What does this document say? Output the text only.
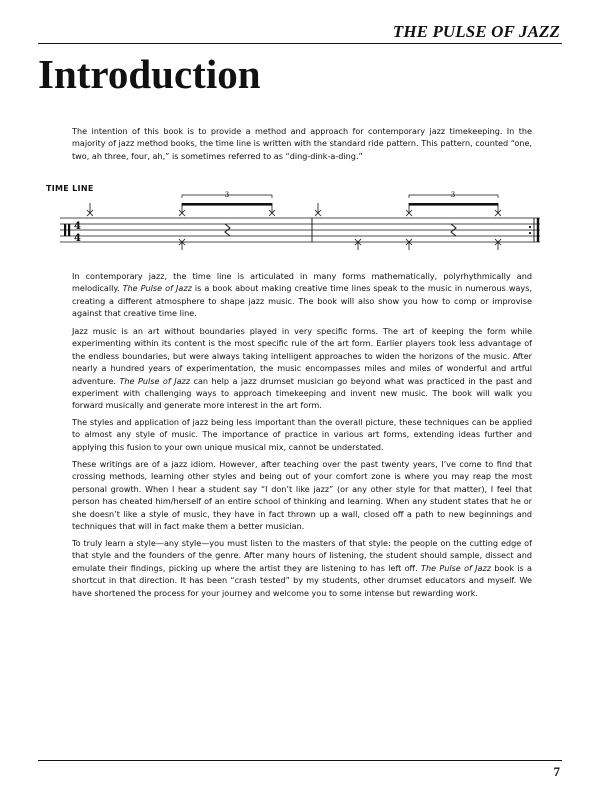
THE PULSE OF JAZZ
Introduction

The intention of this book is to provide a method and approach for contemporary jazz timekeeping. In the majority of jazz method books, the time line is written with the standard ride pattern. This pattern, counted “one, two, ah three, four, ah,” is sometimes referred to as “ding-dink-a-ding.”

TIME LINE
4
4
3	3

In contemporary jazz, the time line is articulated in many forms mathematically, polyrhythmically and melodically. The Pulse of Jazz is a book about making creative time lines speak to the music in numerous ways, creating a different atmosphere to shape jazz music. The book will also show you how to comp or improvise against that creative time line.

Jazz music is an art without boundaries played in very specific forms. The art of keeping the form while experimenting within its content is the most specific rule of the art form. Earlier players took less advantage of the endless boundaries, but were always taking intelligent approaches to widen the horizons of the music. After nearly a hundred years of experimentation, the music encompasses miles and miles of wonderful and artful adventure. The Pulse of Jazz can help a jazz drumset musician go beyond what was practiced in the past and experiment with challenging ways to approach timekeeping and invent new music. The book will walk you forward musically and generate more interest in the art form.

The styles and application of jazz being less important than the overall picture, these techniques can be applied to almost any style of music. The importance of practice in various art forms, extending ideas further and applying this fusion to your own unique musical mix, cannot be understated.

These writings are of a jazz idiom. However, after teaching over the past twenty years, I’ve come to find that crossing methods, learning other styles and being out of your comfort zone is where you may reap the most personal growth. When I hear a student say “I don’t like jazz” (or any other style for that matter), I feel that person has cheated him/herself of an entire school of thinking and learning. When any student states that he or she doesn’t like a style of music, they have in fact thrown up a wall, closed off a path to new beginnings and techniques that will in fact make them a better musician.

To truly learn a style—any style—you must listen to the masters of that style: the people on the cutting edge of that style and the founders of the genre. After many hours of listening, the student should sample, dissect and emulate their findings, picking up where the artist they are listening to has left off. The Pulse of Jazz book is a shortcut in that direction. It has been “crash tested” by my students, other drumset educators and myself. We have shortened the process for your journey and welcome you to some intense but rewarding work.

7
